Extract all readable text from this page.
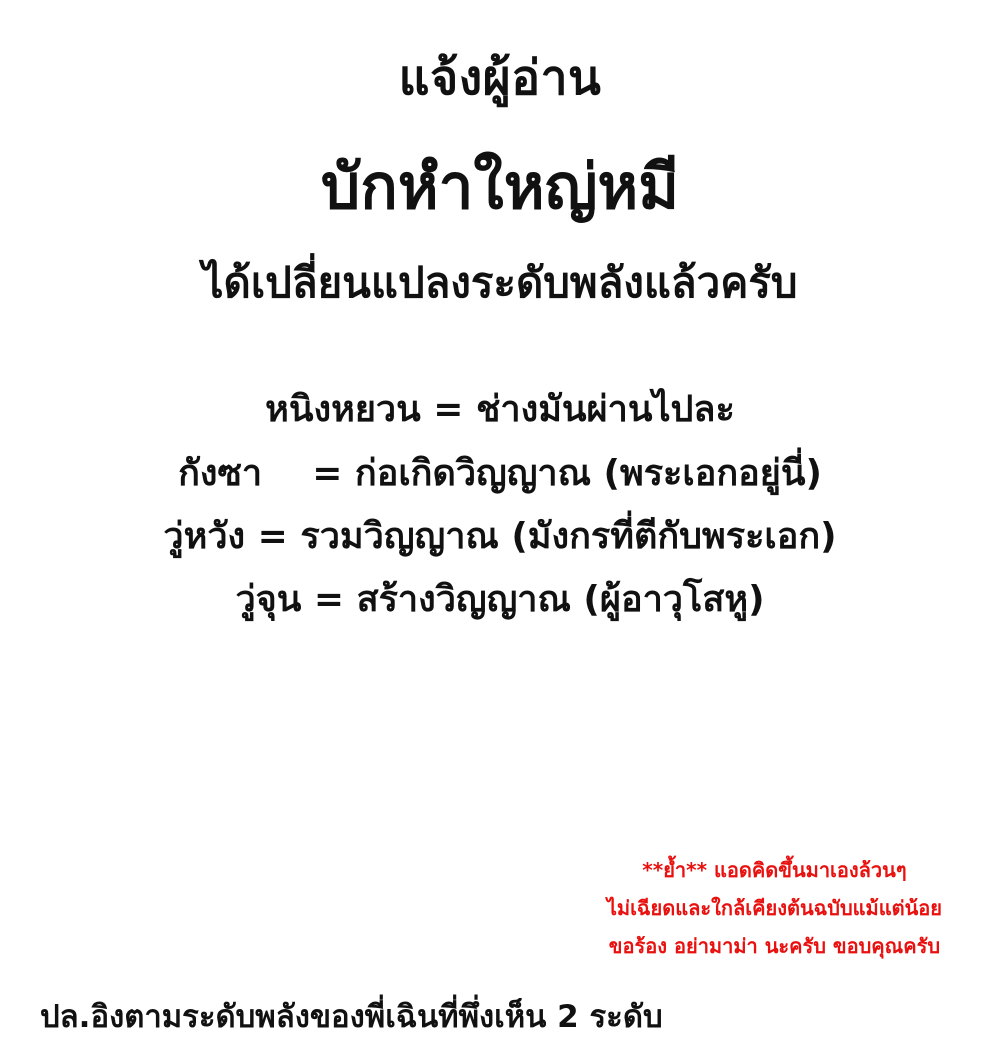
แจ้งผู้อ่าน
บักหำใหญ่หมี
ได้เปลี่ยนแปลงระดับพลังแล้วครับ
หนิงหยวน = ช่างมันผ่านไปละ
กังซา    = ก่อเกิดวิญญาณ (พระเอกอยู่นี่)
วู่หวัง = รวมวิญญาณ (มังกรที่ตีกับพระเอก)
วู่จุน = สร้างวิญญาณ (ผู้อาวุโสหู)
**ย้ำ** แอดคิดขึ้นมาเองล้วนๆ
ไม่เฉียดและใกล้เคียงต้นฉบับแม้แต่น้อย
ขอร้อง อย่ามาม่า นะครับ ขอบคุณครับ
ปล.อิงตามระดับพลังของพี่เฉินที่พึ่งเห็น 2 ระดับ
